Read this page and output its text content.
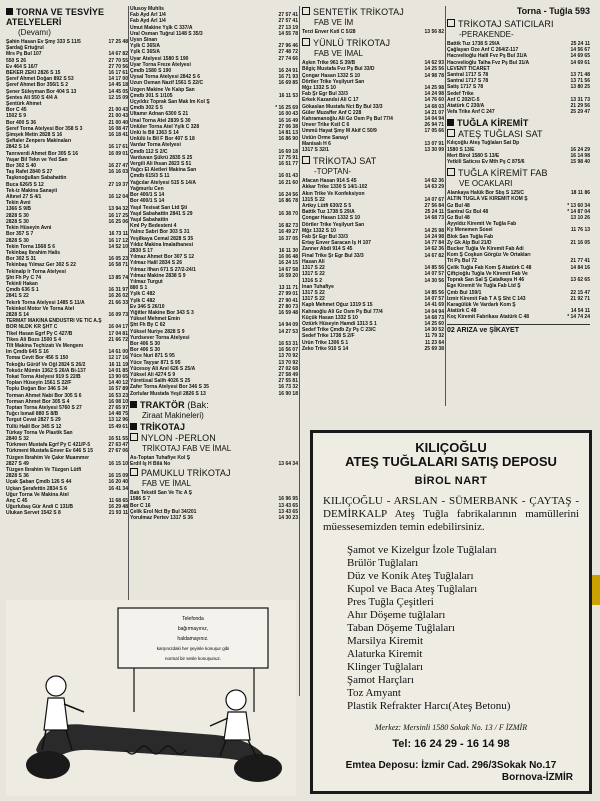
TORNA VE TESVİYE ATELYELERİ
(Devamı)
Şahin Hasan Ev Şmy 333 S 11/5	17 25 48
Şardağ Ertuğrul
Mrs Pş Bul 107	14 67 82
550 S 26	27 70 55
Ev 464 S 16/7	27 70 56
BEKER ZEKİ 2826 S 15	16 17 61
Şeref Ahmet Doğan 892 S 53	14 17 00
Şeref Ahmet Bor 356/1 S 2	14 45 18
Şener Süleyman Bor 404 S 13	14 45 05
Şentes Ali 550 S 4/4 A	12 15 09
Şentürk Ahmet
Bor C 45	21 00 43
1502 S 9	21 00 43
Bor 400 S 36	21 00 40
Şeref Torna Atelyesi Bor 358 S 3	16 08 47
Şimşek Metin 2828 S 16	16 18 41
Şeftaler Zenpers Makinaları
2842 S 14	16 17 61
Tanrıverdi Ahmet Bor 305 S 16	16 09 01
Yaşar Bil Tekn ve Yed San
Bor 302 S 40	16 27 47
Taş Rafet 2840 S 27	16 16 03
Taşkınoğulları Sabahattin
Buca 626/5 S 12	27 19 37
Tek-iz Makina Sanayii
Altınel 27 S 4/1	16 12 04
Tekin Avni
1366 S 9/B	13 94 32
2828 S 30	16 17 25
2828 S 30	16 25 06
Tekin Hüseyin Avni
Bor 357 S 7	16 73 11
2828 S 30	16 17 12
Tekin Torna 1568 S 6	14 52 10
Tekinbaş İbrahim Halis
Bor 302 S 31	16 05 23
Tekinbaş Yılmaz Ger 302 S 22	16 58 71
Tekinalp Ir Torna Atelyesi
Şht Fh Py C 74	13 85 74
Tekinli Hakan
Çmdb 636 S 1	16 31 97
2841 S 22	16 26 02
Tekırlı Torna Atelyesi 1485 S 11/A	21 66 33
Tekinkol Motor Ve Torna Atel
2828 S 14	16 09 73
TERMAT MAKİNA ENDÜSTRİ VE TİC A.Ş
BOR NLDK KR ŞHT C	16 04 17
Tikel Hasan Egrf Py C 427/B	17 04 81
Tikes Ali Bozs 1500 S 4	21 66 72
Tilt Makina Teçhizatı Ve Mengenı
İm Çmdb 645 S 16	14 61 00
Tomaı Cevit Bor 456 S 150	12 17 16
Tokoğlu Gürüf Ve Oğl 2824 S 26/2	16 11 19
Toksöz Mümin 1362 S 26/A Bi-137	14 01 85
Tokat Torna Atelyesi 919 S 22/B	13 90 65
Toplan Hüseyin 1561 S 22/F	14 40 12
Toplu Doğan Bor 346 S 34	16 57 89
Torman Ahmet Nabi Bor 305 S 6	16 53 23
Torman Ahmet Bor 305 S 4	16 08 10
Toptan Torna Atelyesi 5760 S 27	27 65 97
Tuğcı İsmail 880 S 8/B	14 48 75
Turgut Cevat 2827 S 29	13 12 96
Tüllü Halil Bor 345 S 12	15 49 61
Türkay Torna Ve Plastik San
2840 S 32	16 51 55
Türkmen Mustafa Egrf Py C 421/P-5	27 63 47
Türkmeni Mustafa Enver Ev 646 S 15	27 67 06
Tüzgen İbrahim Ve Çakır Muammer
2827 S 49	16 15 10
Tüzgen İbrahim Ve Tüzgen Lütfi
2828 S 36	16 15 09
Uçak Şaban Çmdb 126 S 44	16 20 40
Üçkan Şerafettin 2834 S 6	16 41 34
Uğur Torna Ve Makina Atel
Anç C 45	11 68 65
Uğurlubaş Gür Andi C 131/B	16 29 48
Ulukan Servet 1542 S 8	21 93 11
Ulusoy Muhlis
Fab Ayd Arl 1/4	27 57 41
Fab Ayd Arl 1/4	27 57 41
Umut Makine Yşlk C 337/A	27 13 19
Ural Osman Tuğrul 1148 S 35/3	14 55 78
Uysn Sinan
Yşlk C 365/A	27 96 46
Yşlk C 365/A	27 48 72
Uyar Atelyesi 1580 S 190	27 74 66
Uyar Torna Freze Atelyesi
Çmdb 1580 S 190	16 24 91
Uysal Torna Atelyesi 2842 S 6	16 71 93
Uzun Osman Nazif 1561 S 22/C	16 69 85
Uzgen Makine Ve Kalıp San
Çmdb 301 S 1/105	16 11 53
Üçyıldız Toprak San Mak İm Kol Ş
Çmdb 302 S 5	* 16 25 69
Ültamır Adnan 6300 S 21	16 00 43
Ünal Torna Atel 2839 S 30	16 16 49
Ünlüler Torna Atel Yşlk C 328	27 06 38
Ünlü Is Bil 1363 S 14	14 81 13
Ünlülü Is Bil F Bor 407 S 18	16 86 90
Vardar Torna Atelyesi
Çmdb 112 S 2/C	16 69 18
Varduvan Şükrü 2835 S 25	17 75 91
Vergili Ali İhsan 2823 S 51	16 51 77
Yağcı El Aletleri Makina San
Çmdb 615/3 S 11	16 01 43
Yağcılar Atelyesi 515 S 14/A	16 21 60
Yağmurlu Cen
Bor 400/1 S 14	16 24 56
Bor 400/1 S 14	16 86 78
Yaşıl Tesisat San Ltd Şti
Yaşıl Sabahattin 2841 S 29	16 38 70
Yaşıl Sabahattin
Kml Py Bedesteni 4	16 82 73
Yalnız Sabri Bor 303 S 31	16 49 27
Yeşilkaya Cemal 2828 S 35	16 37 05
Yıldız Makina İmalathanesi
2830 S 17	16 11 30
Yılmaz Ahmet Bor 307 S 12	16 06 48
Yılmaz Halil 2834 S 26	16 24 15
Yılmaz İlhan 671 S 27/2-24/1	14 67 58
Yılmaz Makine 2838 S 9	16 59 20
Yılmaz Turgut
880 S 1	13 11 71
Yşlk C 482	27 99 01
Yşlk C 482	27 90 41
Ev 346 S 26/10	27 80 73
Yiğitler Makine Bor 343 S 3	16 59 48
Yüksel Mehmet Emin
Şht Fh By C 62	14 94 09
Yüksel Nuriye 2828 S 9	14 27 53
Yurdsever Torna Atelyesi
Bor 406 S 30	16 53 31
Bor 406 S 30	16 56 07
Yüce Nuri 871 S 95	13 70 92
Yüce Tayyar 871 S 95	13 70 92
Yücesoy Ali Anıl 626 S 25/A	27 02 68
Yüksel Ali 4274 S 9	27 58 49
Yüretüsal Salih 4026 S 25	27 55 81
Zafer Torna Atelyesi Bor 346 S 35	16 73 32
Zorlular Mustafa Yeşil 2826 S 13	16 90 18
TRAKTÖR (Bak:
Ziraat Makineleri)
TRİKOTAJ
NYLON -PERLON
TRİKOTAJ FAB VE İMAL
As-Toptan Tuhafiye Kol Ş
Erdil İş H Bilâ No	13 64 34
PAMUKLU TRİKOTAJ
FAB VE İMAL
Batı Tekstil San Ve Tic A Ş
1586 S 7	16 96 95
Bor C 16	13 43 65
Çelik Erol Nct By Bul 34/201	13 43 65
Yorulmaz Pertev 1317 S 36	14 30 23
SENTETİK TRİKOTAJ
FAB VE İM
Terzi Enver Kstl C 5/28	13 56 82
YÜNLÜ TRİKOTAJ
FAB VE İMAL
Aşkın Trike 961 S 39/B	14 62 93
Bilgiç Mustafa Fvz Pş Bul 33/D	14 25 56
Çongar Hasan 1332 S 10	14 98 78
Dörtler Trike Yeşilyurt San
Mğz 1332 S 10	14 25 98
Fab Şr Egr Bul 33/3	14 24 98
Erkek Kazandsi Ali C 17	14 76 60
Gökaslan Mustafa Nct By Bul 33/3	14 68 03
Güler Muzaffer Anf C 228	14 21 07
Kahramanoğlu Ali Gz Osm Pş Bul 77/4	14 04 94
Ünver Trike Kstl C 6	26 94 71
Ümmü Hayat Şmy M Akif C 50/9	17 05 66
Üstün Örme Sanayi
Manisalı H 6	13 07 91
1317 S 32/1	13 30 99
TRİKOTAJ SAT
-TOPTAN-
Afacan Hasan 914 S 45	14 62 36
Akkar Trike 1330 S 14/1-102	14 63 29
Akın Trike Ve Konfeksiyon
1315 S 22	14 07 67
Artkıy Lütfi 630/2 S 5	27 56 84
Battik Tuz 1738 S 29/A	25 24 11
Çongar Hasan 1332 S 10	14 68 73
Dörtler Trike Yeşilyurt San
Mğz 1332 S 10	14 25 98
Fab Şr Egr Bul 33/3	14 24 98
Ertay Enver Saracan İş H 107	14 77 84
Zanner Abdi 914 S 45	14 62 36
Final Trike Şr Egr Bul 33/3	14 67 82
Hasan Ali
1317 S 22	14 85 56
1317 S 22	14 07 57
1316 S 2	14 30 56
İnan Tuhafiye
1317 S 22	14 85 56
1317 S 22	14 07 57
Kaplı Mehmet Oğuz 1319 S 15	14 41 69
Kahraoğlu Ali Gz Osm Pş Bul 77/4	14 04 94
Küçük Hasan 1332 S 10	14 68 73
Öztürk Hüseyin Hamdi 1313 S 1	14 25 60
Sedef Trike Çmdb Zy Pş C 23/C	14 30 52
Sedef Trike 1738 S 2/F	11 79 32
Ürün Trike 1306 S 1	11 23 64
Zeko Trike 910 S 14	25 69 38
Torna - Tuğla 593
TRİKOTAJ SATICILARI
-PERAKENDE-
Battik Tuz 1738 S 29/A	25 24 11
Çağlayan Öze Anf C 264/Z-117	14 56 67
Hacıvelioğlu Halil Fvz Pş Bul 31/A	14 69 65
Hacıvelioğlu Talha Fvz Pş Bul 31/A	14 69 61
LEVENT TİCARET
Santral 1717 S 78	13 71 48
Santral 1717 S 78	13 71 56
Satiş 1717 S 78	13 80 25
Sedef Trike
Anf C 202/C-5	13 31 73
Atatürk C 230/A	21 29 56
Vefa Trike Anf C 247	25 29 47
TUĞLA KİREMİT
ATEŞ TUĞLASI SAT
Kılıçoğlu Ateş Tuğlaları Sat Dp
1580 S 13/E	16 24 29
Mert Birol 1580 S 13/E	16 14 98
Yetkili Saticısı Ev Mth Pş C 875/6	15 98 40
TUĞLA KİREMİT FAB
VE OCAKLARI
Alankaya Halük Bor Sbş S 125/C	18 11 86
ALTIN TUĞLA VE KİREMİT KOM Ş
Gz Bul 48	* 13 60 34
Santral Gz Bul 48	* 14 87 04
Gz Bul 48	13 10 26
Ayyıldız Kiremit Ve Tuğla Fab
Ky Menemen Sosei	11 76 13
Blok San Tuğla Fab
Zy Gk Alp Bul 21/D	21 16 05
Bucker Tuğla Ve Kiremit Fab Adi
Kom Ş Coşkun Görgüz Ve Ortakları
Tit Pş Bul 72	21 77 41
Çelik Tuğla Fab Kom Ş Atatürk C 48	14 84 16
Çiftçioğlu Tuğla Ve Kiremit Fab Ve
Toprak San Sal Ş Çatalkaya H 46	13 62 65
Ege Kiremit Ve Tuğla Fab Ltd Ş
Çmb Bul 159/1	22 15 47
İzmir Kiremit Fab T A Ş Sht C 143	21 92 71
Karagülük Ve Vardarlı Kom Ş
Atatürk C 48	14 54 11
Koç Kiremit Fabrikası Atatürk C 48	* 14 74 24
02 ARIZA ve ŞİKAYET
Telefonda
bağırmayınız,
haldamayınız.
karşınızdaki her şeyinle konuşur gibi
normal bir sesle konuşunuz.
KILIÇOĞLU
ATEŞ TUĞLALARI SATIŞ DEPOSU
BİROL NART
KILIÇOĞLU - ARSLAN - SÜMERBANK - ÇAYTAŞ - DEMİRKALP Ateş Tuğla fabrikalarının mamüllerini müessesemizden temin edebilirsiniz.
Şamot ve Kizelgur İzole Tuğlaları
Brülör Tuğlaları
Düz ve Konik Ateş Tuğlaları
Kupol ve Baca Ateş Tuğlaları
Pres Tuğla Çeşitleri
Ahır Döşeme tuğlaları
Taban Döşeme Tuğlaları
Marsilya Kiremit
Alaturka Kiremit
Klinger Tuğlaları
Şamot Harçları
Toz Amyant
Plastik Refrakter Harcı(Ateş Betonu)
Merkez: Mersinli 1580 Sokak No. 13 / F İZMİR
Tel: 16 24 29 - 16 14 98
Emtea Deposu: İzmir Cad. 296/3Sokak No.17
Bornova-İZMİR
